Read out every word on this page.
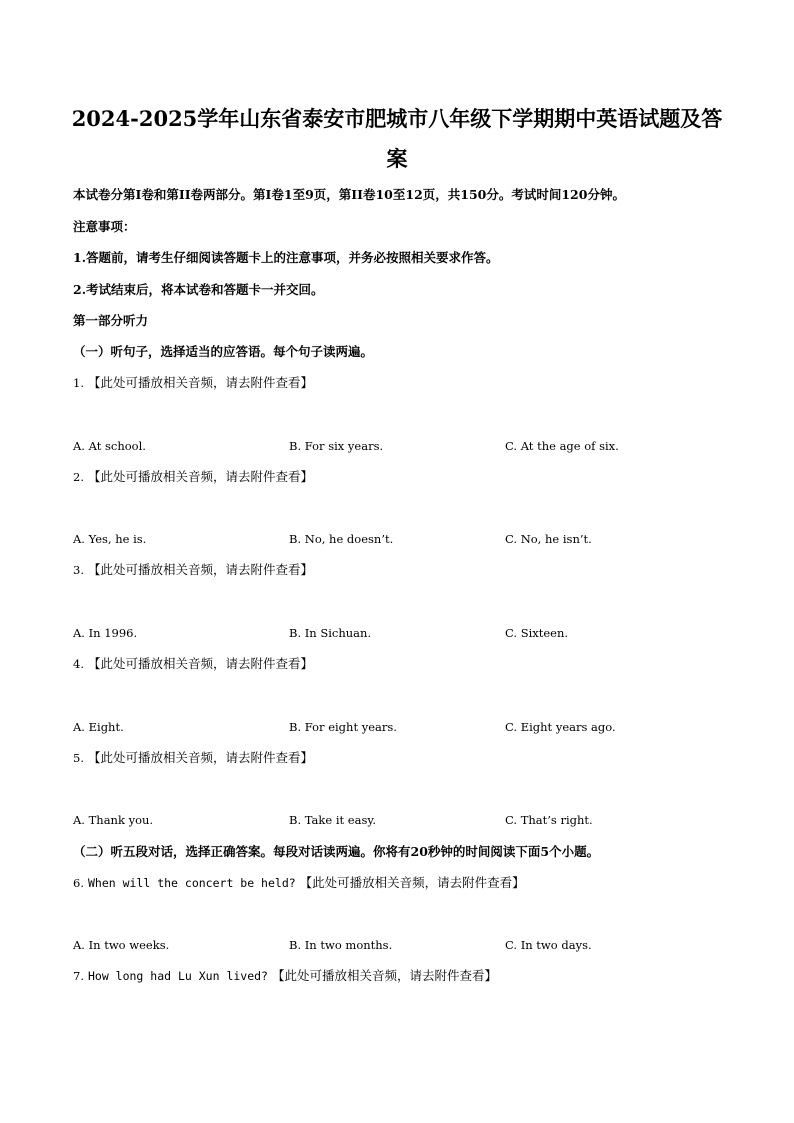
2024-2025学年山东省泰安市肥城市八年级下学期期中英语试题及答
案
本试卷分第I卷和第II卷两部分。第I卷1至9页，第II卷10至12页，共150分。考试时间120分钟。
注意事项：
1.答题前，请考生仔细阅读答题卡上的注意事项，并务必按照相关要求作答。
2.考试结束后，将本试卷和答题卡一并交回。
第一部分听力
（一）听句子，选择适当的应答语。每个句子读两遍。
1. 【此处可播放相关音频，请去附件查看】
A. At school.	B. For six years.	C. At the age of six.
2. 【此处可播放相关音频，请去附件查看】
A. Yes, he is.	B. No, he doesn’t.	C. No, he isn’t.
3. 【此处可播放相关音频，请去附件查看】
A. In 1996.	B. In Sichuan.	C. Sixteen.
4. 【此处可播放相关音频，请去附件查看】
A. Eight.	B. For eight years.	C. Eight years ago.
5. 【此处可播放相关音频，请去附件查看】
A. Thank you.	B. Take it easy.	C. That’s right.
（二）听五段对话，选择正确答案。每段对话读两遍。你将有20秒钟的时间阅读下面5个小题。
6. When will the concert be held? 【此处可播放相关音频，请去附件查看】
A. In two weeks.	B. In two months.	C. In two days.
7. How long had Lu Xun lived? 【此处可播放相关音频，请去附件查看】
